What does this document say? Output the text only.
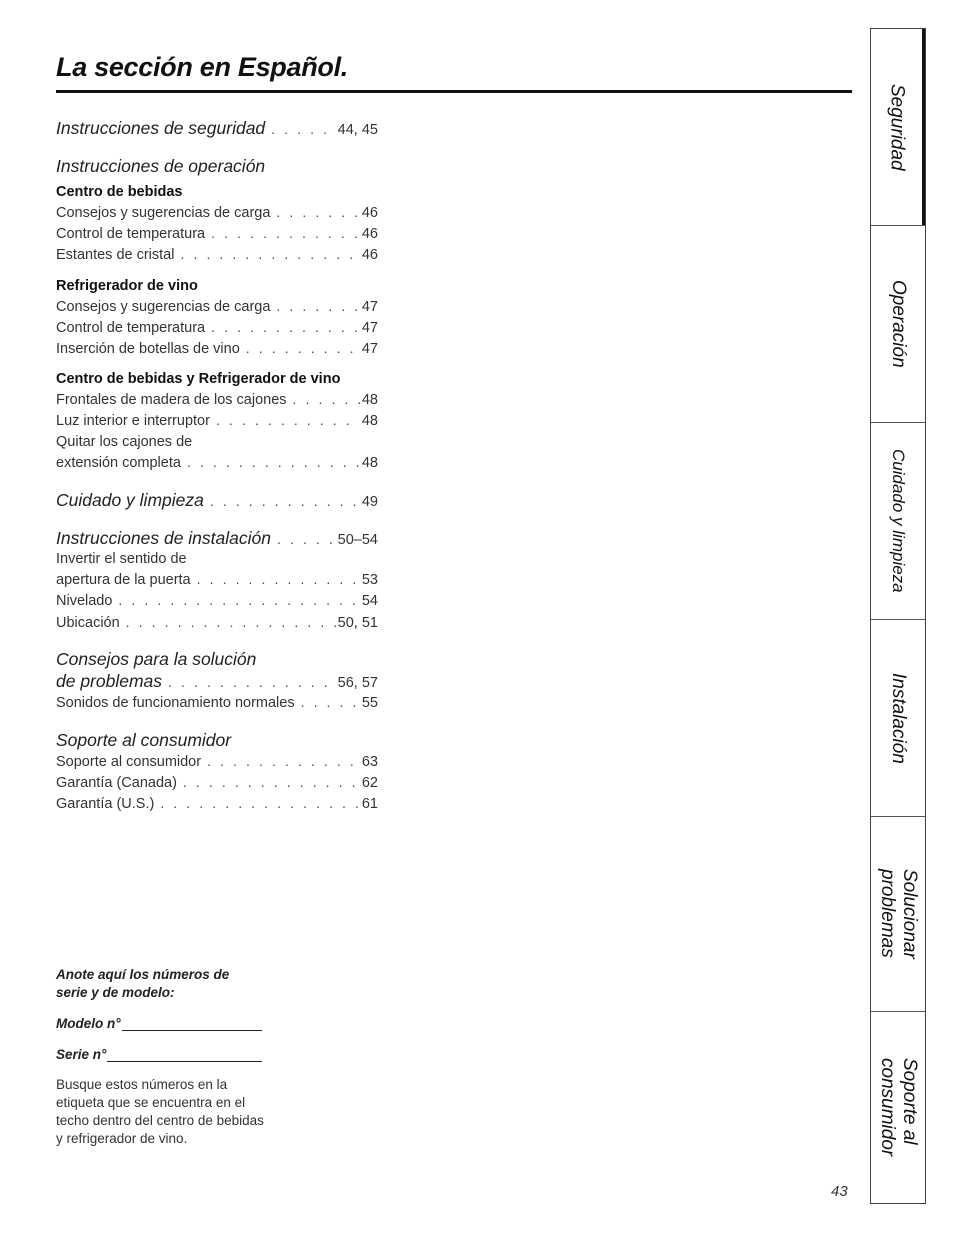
La sección en Español.
Instrucciones de seguridad . . .	44, 45
Instrucciones de operación
Centro de bebidas
Consejos y sugerencias de carga . . .	46
Control de temperatura . . .	46
Estantes de cristal . . .	46
Refrigerador de vino
Consejos y sugerencias de carga . . .	47
Control de temperatura . . .	47
Inserción de botellas de vino . . .	47
Centro de bebidas y Refrigerador de vino
Frontales de madera de los cajones . . .	48
Luz interior e interruptor . . .	48
Quitar los cajones de
extensión completa . . .	48
Cuidado y limpieza . . .	49
Instrucciones de instalación . . .	50–54
Invertir el sentido de
apertura de la puerta . . .	53
Nivelado . . .	54
Ubicación . . .	50, 51
Consejos para la solución
de problemas . . .	56, 57
Sonidos de funcionamiento normales . . .	55
Soporte al consumidor
Soporte al consumidor . . .	63
Garantía (Canada) . . .	62
Garantía (U.S.) . . .	61
Anote aquí los números de serie y de modelo:
Modelo n°
Serie n°
Busque estos números en la etiqueta que se encuentra en el techo dentro del centro de bebidas y refrigerador de vino.
43
Seguridad
Operación
Cuidado y limpieza
Instalación
Solucionar
problemas
Soporte al
consumidor
